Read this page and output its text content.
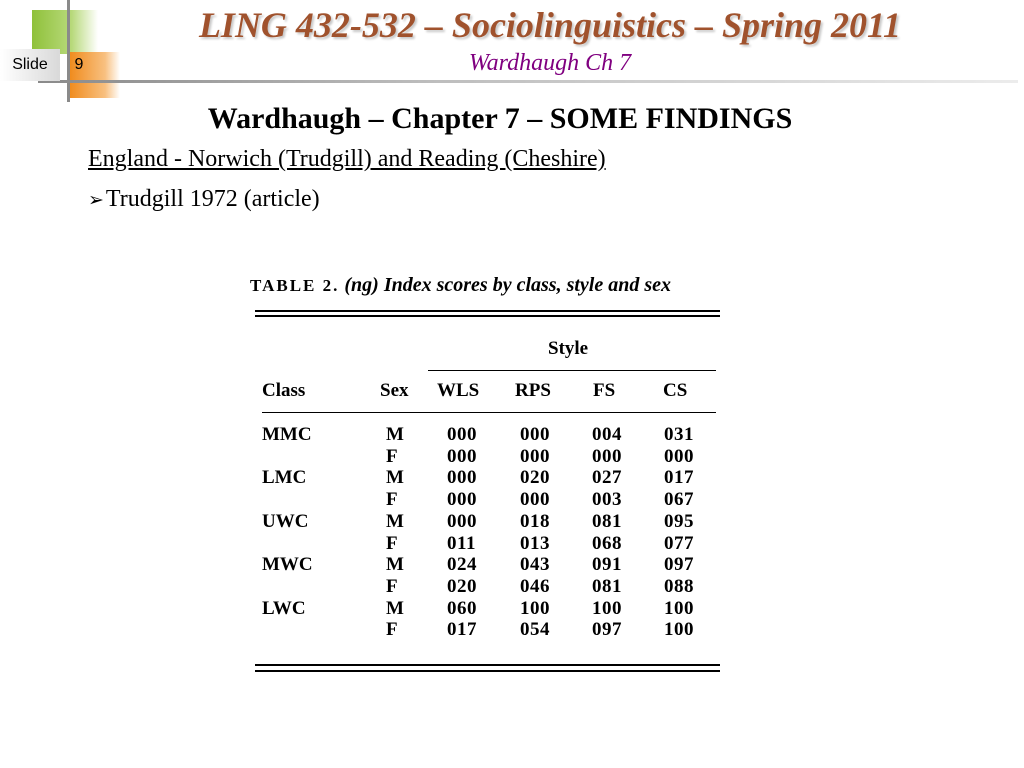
Slide	9
LING 432-532 – Sociolinguistics – Spring 2011
Wardhaugh Ch 7
Wardhaugh – Chapter 7 – SOME FINDINGS
England - Norwich (Trudgill) and Reading (Cheshire)
➢Trudgill 1972 (article)
TABLE 2. (ng) Index scores by class, style and sex
Style
Class	Sex WLS RPS FS	CS
MMC	M 000 000 004 031
F	000 000 000 000
LMC	M 000 020 027 017
F	000 000 003 067
UWC	M 000 018 081 095
F	011 013 068 077
MWC	M 024 043 091 097
F	020 046 081 088
LWC	M 060 100 100 100
F	017 054 097 100
